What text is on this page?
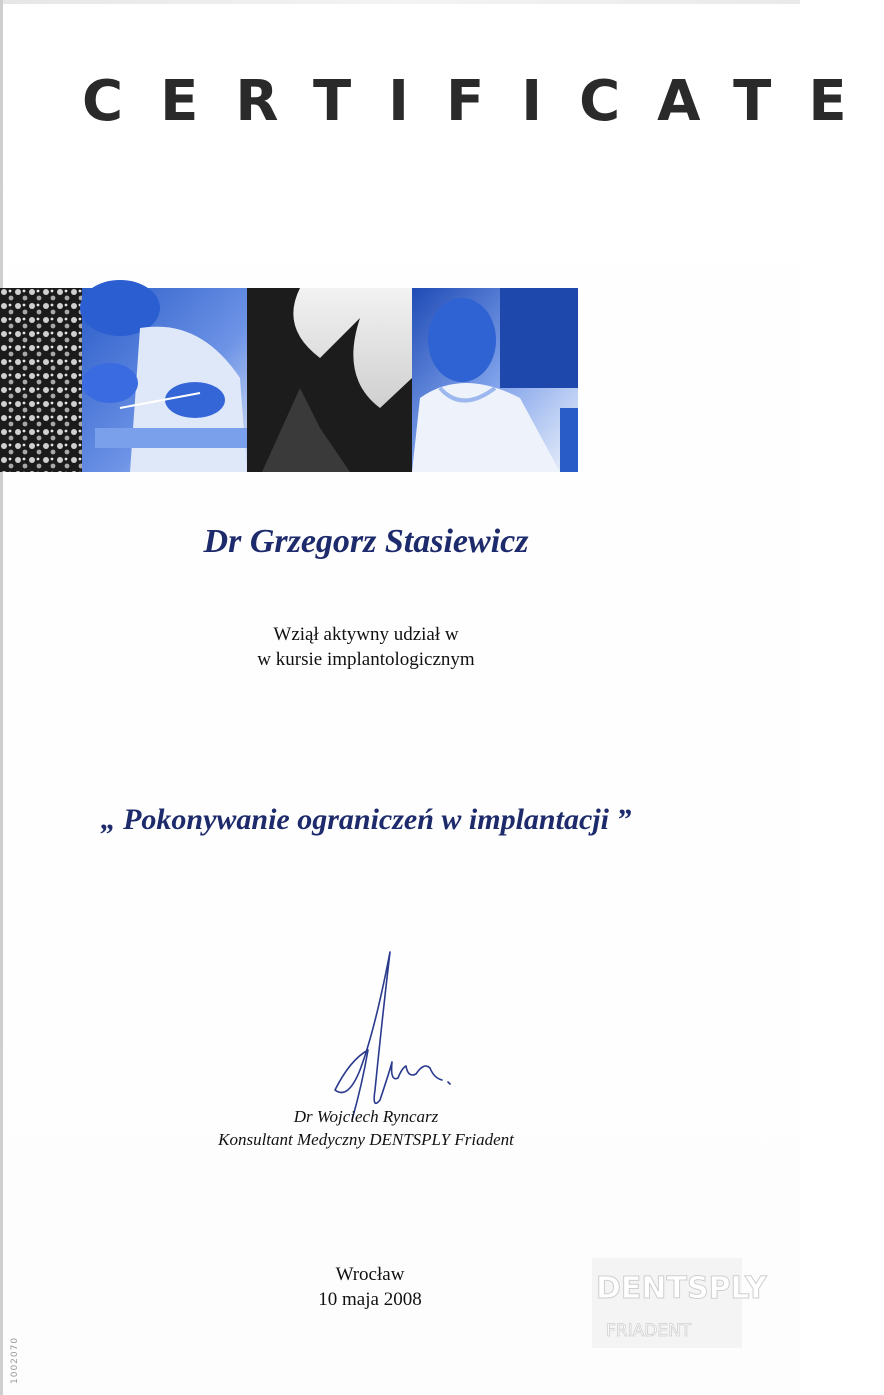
CERTIFICATE
Dr Grzegorz Stasiewicz
Wziął aktywny udział w
w kursie implantologicznym
„ Pokonywanie ograniczeń w implantacji ”
Dr Wojciech Ryncarz
Konsultant Medyczny DENTSPLY Friadent
Wrocław
10 maja 2008	DENTSPLY
FRIADENT
1002070
